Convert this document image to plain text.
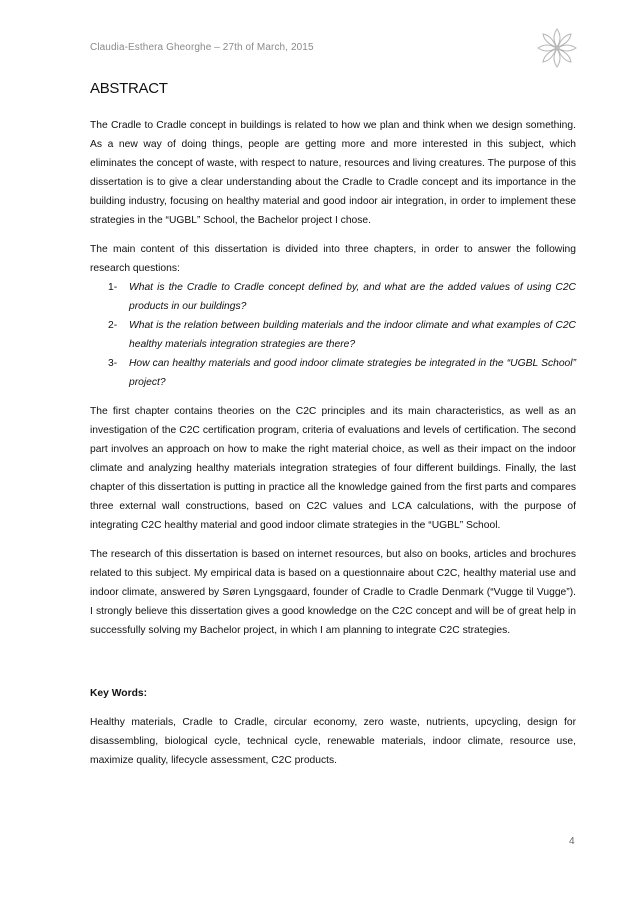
Claudia-Esthera Gheorghe – 27th of March, 2015
ABSTRACT

The Cradle to Cradle concept in buildings is related to how we plan and think when we design something. As a new way of doing things, people are getting more and more interested in this subject, which eliminates the concept of waste, with respect to nature, resources and living creatures. The purpose of this dissertation is to give a clear understanding about the Cradle to Cradle concept and its importance in the building industry, focusing on healthy material and good indoor air integration, in order to implement these strategies in the “UGBL” School, the Bachelor project I chose.

The main content of this dissertation is divided into three chapters, in order to answer the following research questions:

1- What is the Cradle to Cradle concept defined by, and what are the added values of using C2C products in our buildings?
2- What is the relation between building materials and the indoor climate and what examples of C2C healthy materials integration strategies are there?
3- How can healthy materials and good indoor climate strategies be integrated in the “UGBL School” project?

The first chapter contains theories on the C2C principles and its main characteristics, as well as an investigation of the C2C certification program, criteria of evaluations and levels of certification. The second part involves an approach on how to make the right material choice, as well as their impact on the indoor climate and analyzing healthy materials integration strategies of four different buildings. Finally, the last chapter of this dissertation is putting in practice all the knowledge gained from the first parts and compares three external wall constructions, based on C2C values and LCA calculations, with the purpose of integrating C2C healthy material and good indoor climate strategies in the “UGBL” School.

The research of this dissertation is based on internet resources, but also on books, articles and brochures related to this subject. My empirical data is based on a questionnaire about C2C, healthy material use and indoor climate, answered by Søren Lyngsgaard, founder of Cradle to Cradle Denmark (“Vugge til Vugge”). I strongly believe this dissertation gives a good knowledge on the C2C concept and will be of great help in successfully solving my Bachelor project, in which I am planning to integrate C2C strategies.

Key Words:

Healthy materials, Cradle to Cradle, circular economy, zero waste, nutrients, upcycling, design for disassembling, biological cycle, technical cycle, renewable materials, indoor climate, resource use, maximize quality, lifecycle assessment, C2C products.

4
